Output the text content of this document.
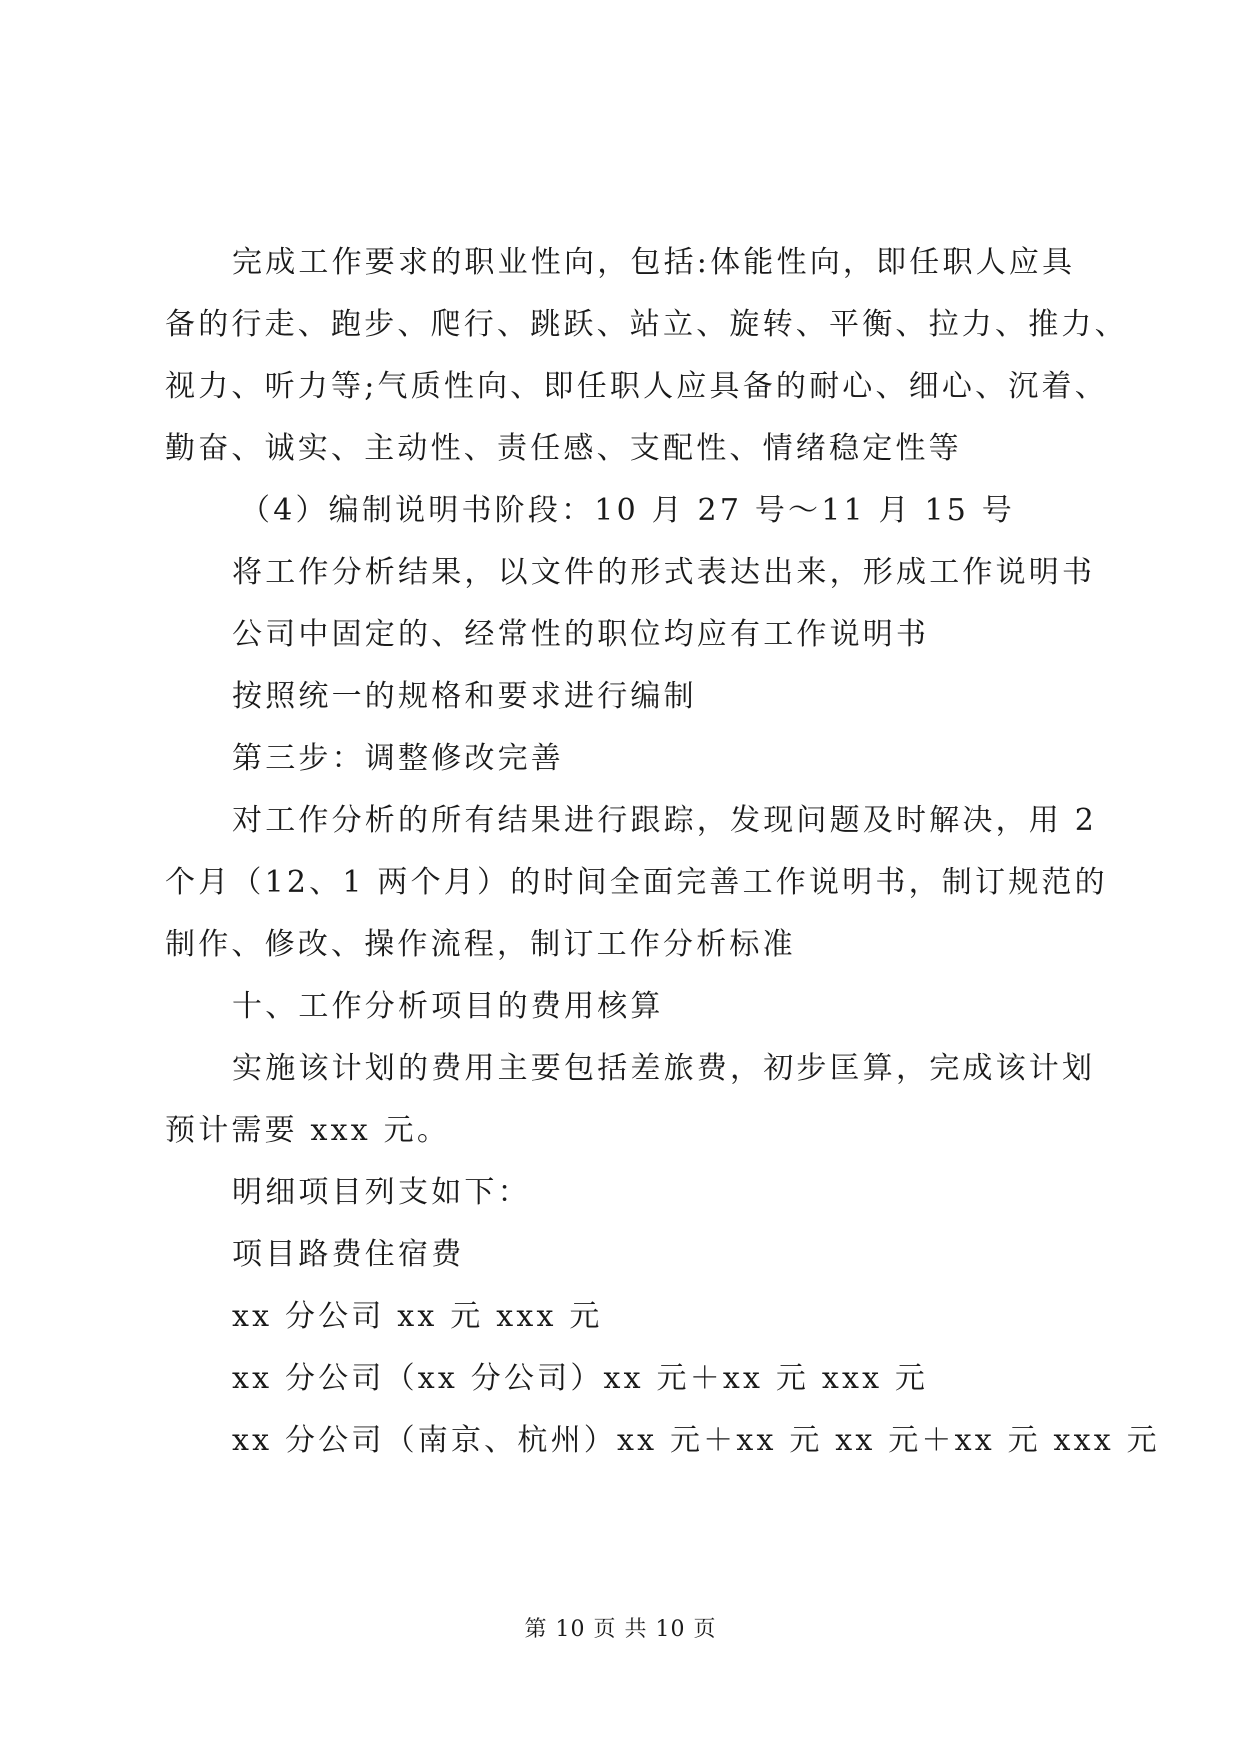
完成工作要求的职业性向，包括:体能性向，即任职人应具

备的行走、跑步、爬行、跳跃、站立、旋转、平衡、拉力、推力、

视力、听力等;气质性向、即任职人应具备的耐心、细心、沉着、

勤奋、诚实、主动性、责任感、支配性、情绪稳定性等

（4）编制说明书阶段：10 月 27 号～11 月 15 号

将工作分析结果，以文件的形式表达出来，形成工作说明书

公司中固定的、经常性的职位均应有工作说明书

按照统一的规格和要求进行编制

第三步：调整修改完善

对工作分析的所有结果进行跟踪，发现问题及时解决，用 2

个月（12、1 两个月）的时间全面完善工作说明书，制订规范的

制作、修改、操作流程，制订工作分析标准

十、工作分析项目的费用核算

实施该计划的费用主要包括差旅费，初步匡算，完成该计划

预计需要 xxx 元。

明细项目列支如下：

项目路费住宿费

xx 分公司 xx 元 xxx 元

xx 分公司（xx 分公司）xx 元＋xx 元 xxx 元

xx 分公司（南京、杭州）xx 元＋xx 元 xx 元＋xx 元 xxx 元

第 10 页 共 10 页
